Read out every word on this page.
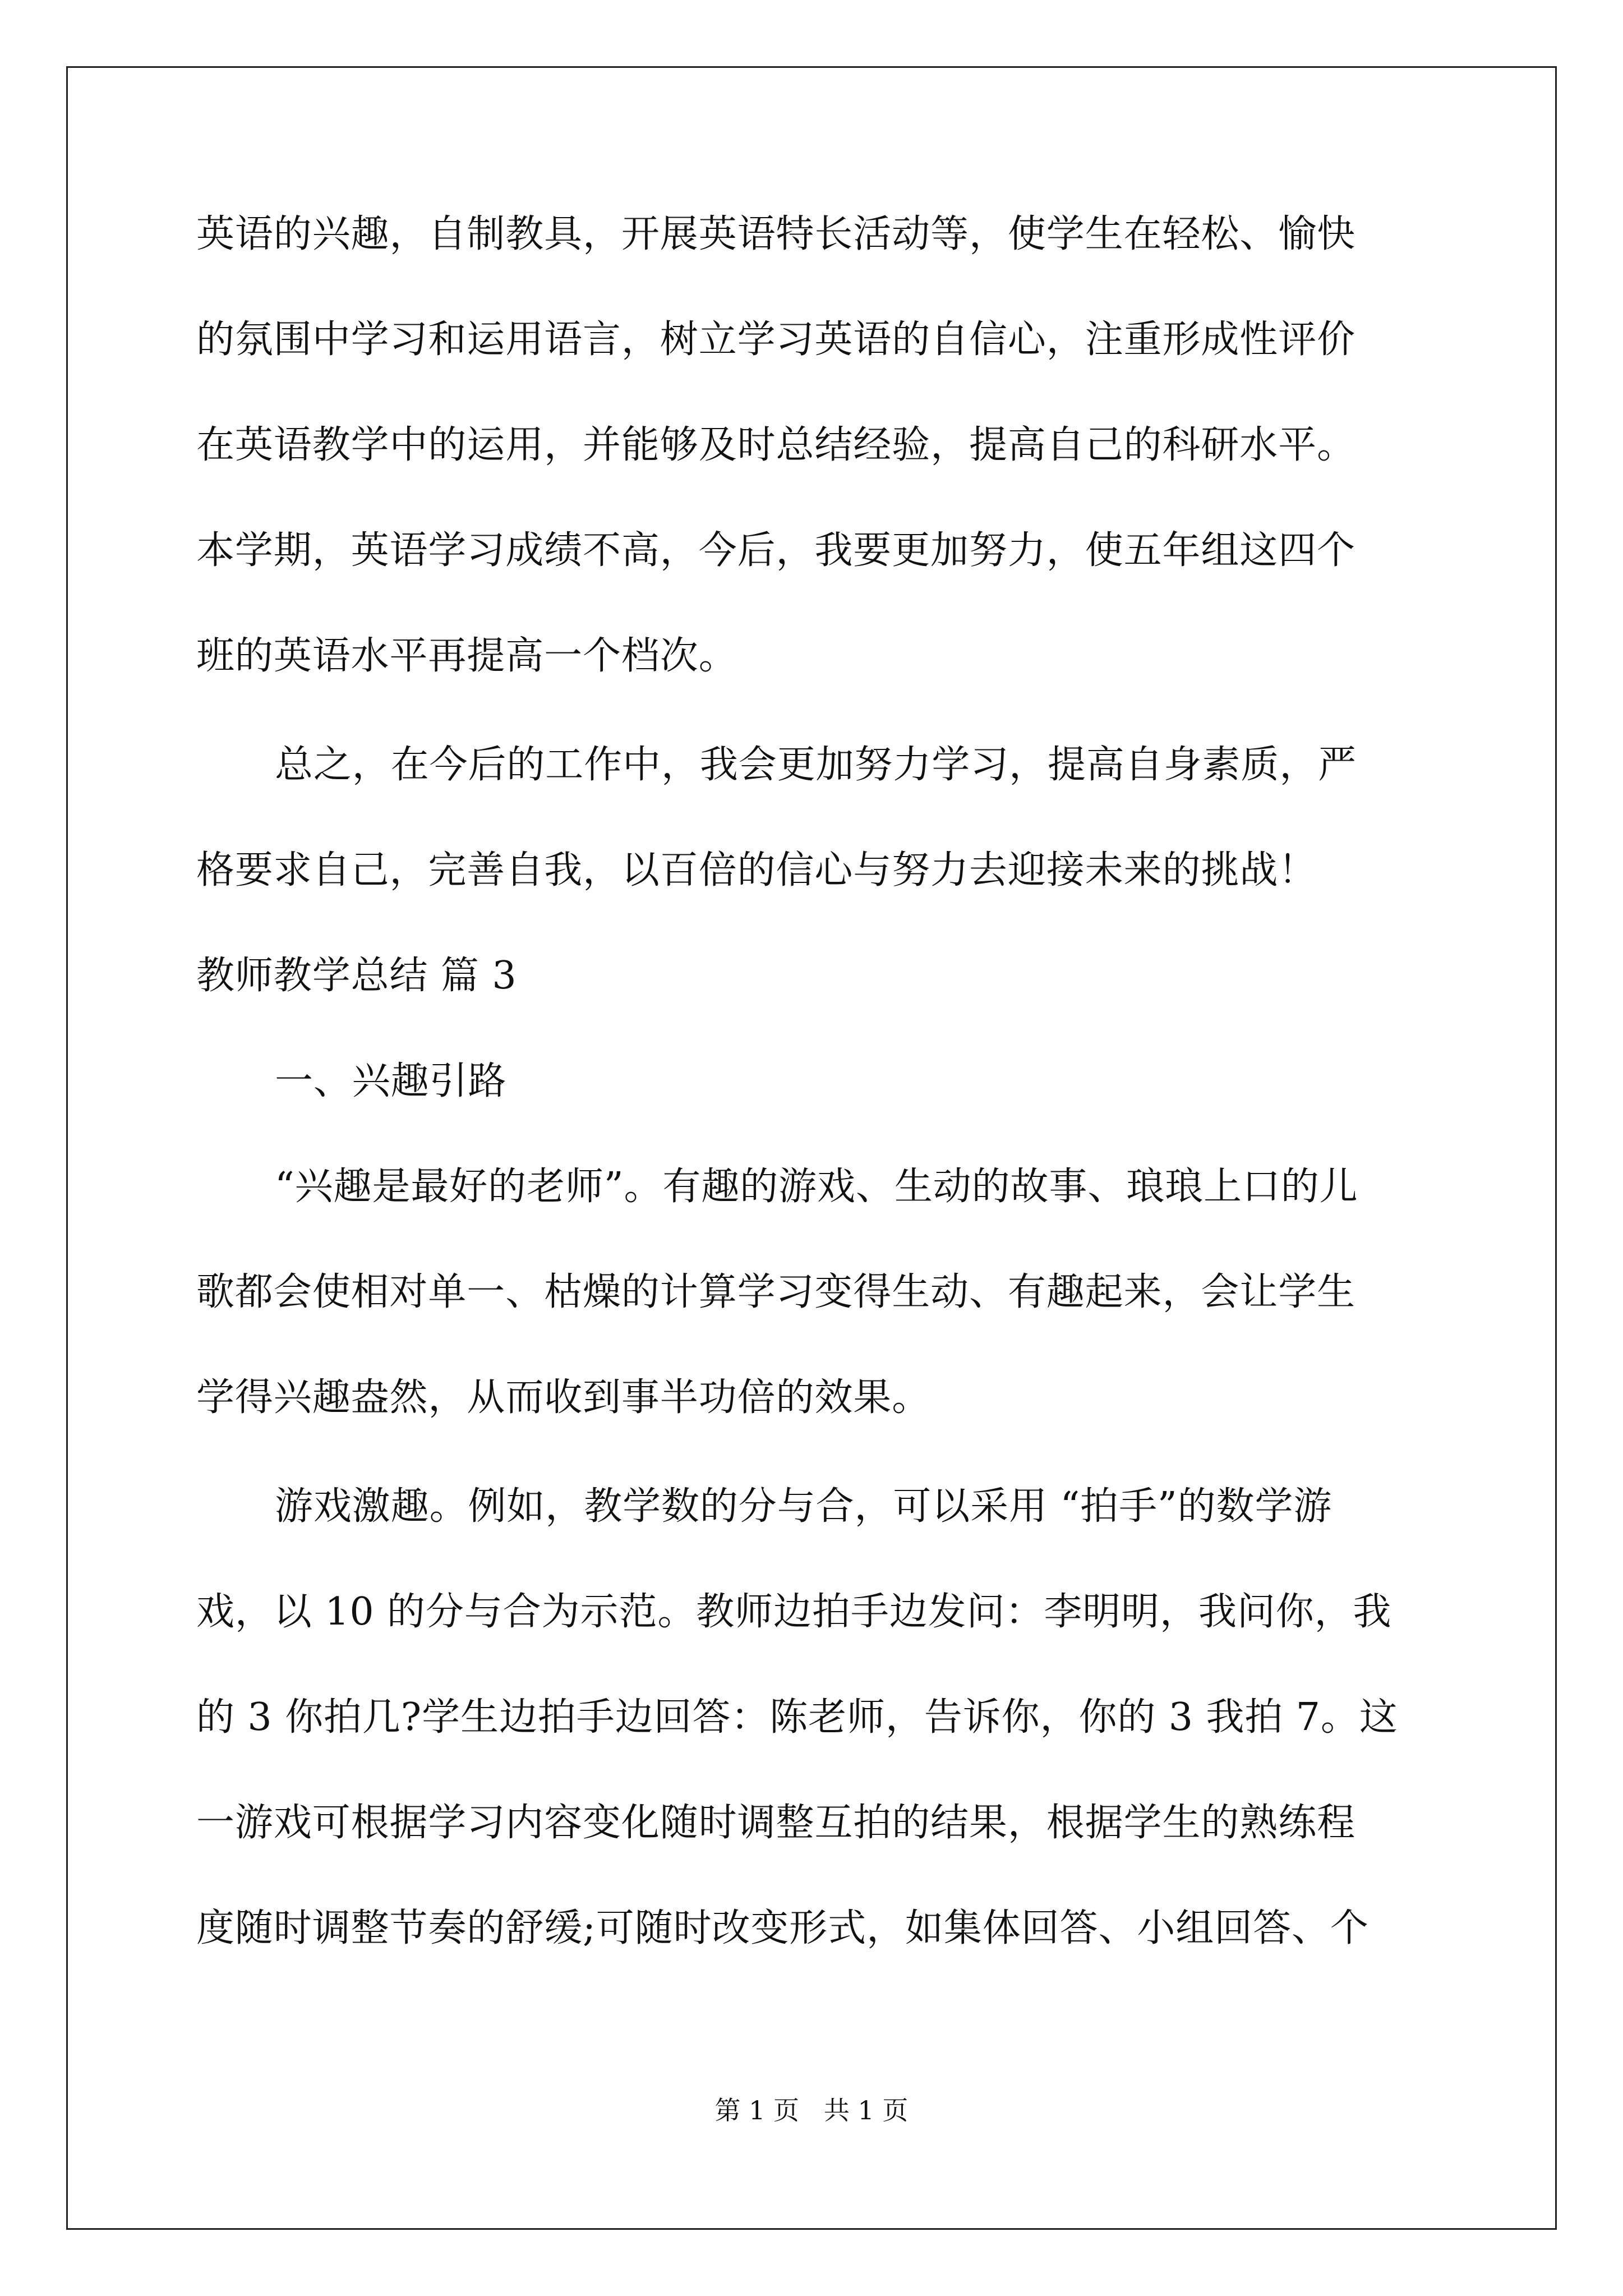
英语的兴趣，自制教具，开展英语特长活动等，使学生在轻松、愉快
的氛围中学习和运用语言，树立学习英语的自信心，注重形成性评价
在英语教学中的运用，并能够及时总结经验，提高自己的科研水平。
本学期，英语学习成绩不高，今后，我要更加努力，使五年组这四个
班的英语水平再提高一个档次。
总之，在今后的工作中，我会更加努力学习，提高自身素质，严
格要求自己，完善自我，以百倍的信心与努力去迎接未来的挑战！
教师教学总结 篇 3
一、兴趣引路
“兴趣是最好的老师”。有趣的游戏、生动的故事、琅琅上口的儿
歌都会使相对单一、枯燥的计算学习变得生动、有趣起来，会让学生
学得兴趣盎然，从而收到事半功倍的效果。
游戏激趣。例如，教学数的分与合，可以采用 “拍手”的数学游
戏，以 10 的分与合为示范。教师边拍手边发问：李明明，我问你，我
的 3 你拍几?学生边拍手边回答：陈老师，告诉你，你的 3 我拍 7。这
一游戏可根据学习内容变化随时调整互拍的结果，根据学生的熟练程
度随时调整节奏的舒缓;可随时改变形式，如集体回答、小组回答、个
第 1 页   共 1 页
